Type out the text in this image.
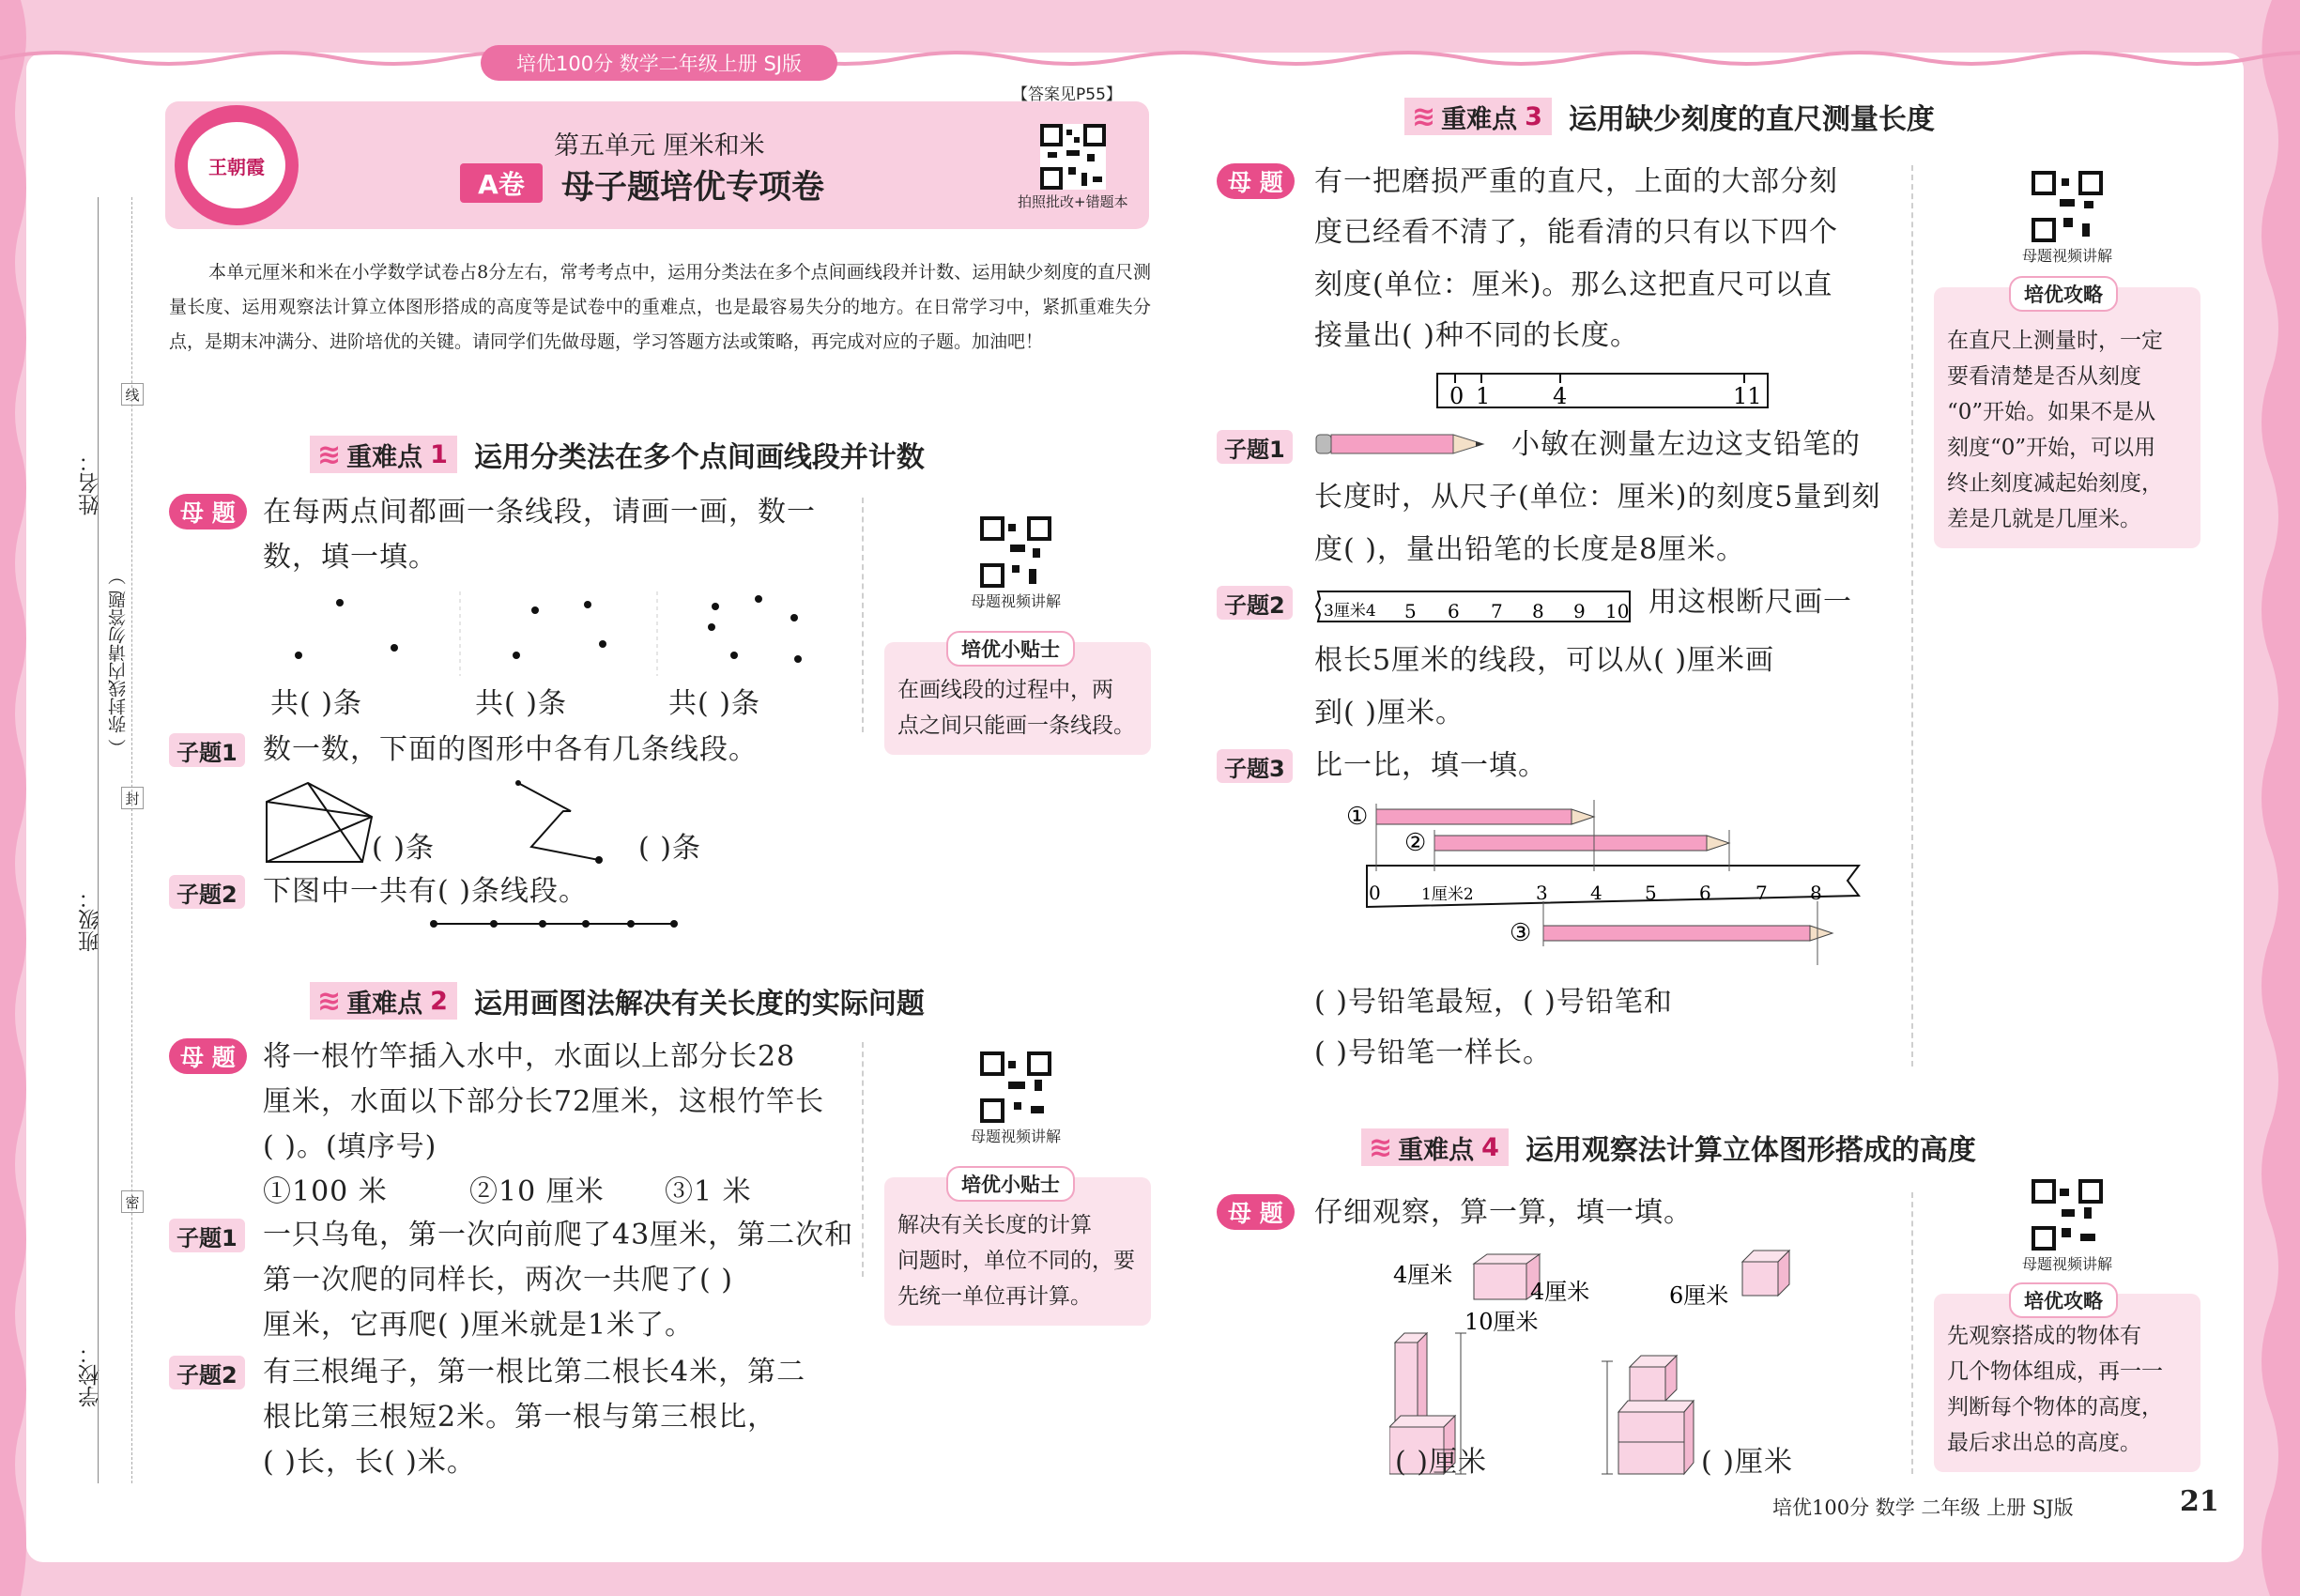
培优100分 数学二年级上册 SJ版
姓名：
班级：
学校：
线
封
密
（ 弥封线内请勿答题 ）
王朝霞
第五单元 厘米和米
A卷	母子题培优专项卷
【答案见P55】
拍照批改+错题本
本单元厘米和米在小学数学试卷占8分左右，常考考点中，运用分类法在多个点间画线段并计数、运用缺少刻度的直尺测量长度、运用观察法计算立体图形搭成的高度等是试卷中的重难点，也是最容易失分的地方。在日常学习中，紧抓重难失分点，是期末冲满分、进阶培优的关键。请同学们先做母题，学习答题方法或策略，再完成对应的子题。加油吧！
≋ 重难点 1 运用分类法在多个点间画线段并计数
母 题 在每两点间都画一条线段，请画一画，数一
数，填一填。
共( )条	共( )条	共( )条
子题1 数一数，下面的图形中各有几条线段。
( )条	( )条
子题2 下图中一共有( )条线段。
母题视频讲解
培优小贴士
在画线段的过程中，两
点之间只能画一条线段。
≋ 重难点 2 运用画图法解决有关长度的实际问题
母 题 将一根竹竿插入水中，水面以上部分长28
厘米，水面以下部分长72厘米，这根竹竿长
( )。(填序号)
①100 米	②10 厘米 ③1 米
子题1 一只乌龟，第一次向前爬了43厘米，第二次和
第一次爬的同样长，两次一共爬了( )
厘米，它再爬( )厘米就是1米了。
子题2 有三根绳子，第一根比第二根长4米，第二
根比第三根短2米。第一根与第三根比，
( )长，长( )米。
母题视频讲解
培优小贴士
解决有关长度的计算
问题时，单位不同的，要
先统一单位再计算。
≋ 重难点 3 运用缺少刻度的直尺测量长度
母 题	有一把磨损严重的直尺，上面的大部分刻
度已经看不清了，能看清的只有以下四个
刻度(单位：厘米)。那么这把直尺可以直
接量出( )种不同的长度。
0 1	4	11
子题1	小敏在测量左边这支铅笔的
长度时，从尺子(单位：厘米)的刻度5量到刻
度( )，量出铅笔的长度是8厘米。
子题2	3厘米4 5 6 7 8 9 10 用这根断尺画一
根长5厘米的线段，可以从( )厘米画
到( )厘米。
子题3 比一比，填一填。
①
②
0	1厘米2	3 4 5 6 7 8
③
( )号铅笔最短，( )号铅笔和
( )号铅笔一样长。
母题视频讲解
培优攻略
在直尺上测量时，一定
要看清楚是否从刻度
“0”开始。如果不是从
刻度“0”开始，可以用
终止刻度减起始刻度，
差是几就是几厘米。
≋ 重难点 4 运用观察法计算立体图形搭成的高度
母 题	仔细观察，算一算，填一填。
4厘米
4厘米
10厘米
6厘米
( )厘米	( )厘米
母题视频讲解
培优攻略
先观察搭成的物体有
几个物体组成，再一一
判断每个物体的高度，
最后求出总的高度。
培优100分 数学 二年级 上册 SJ版	21
